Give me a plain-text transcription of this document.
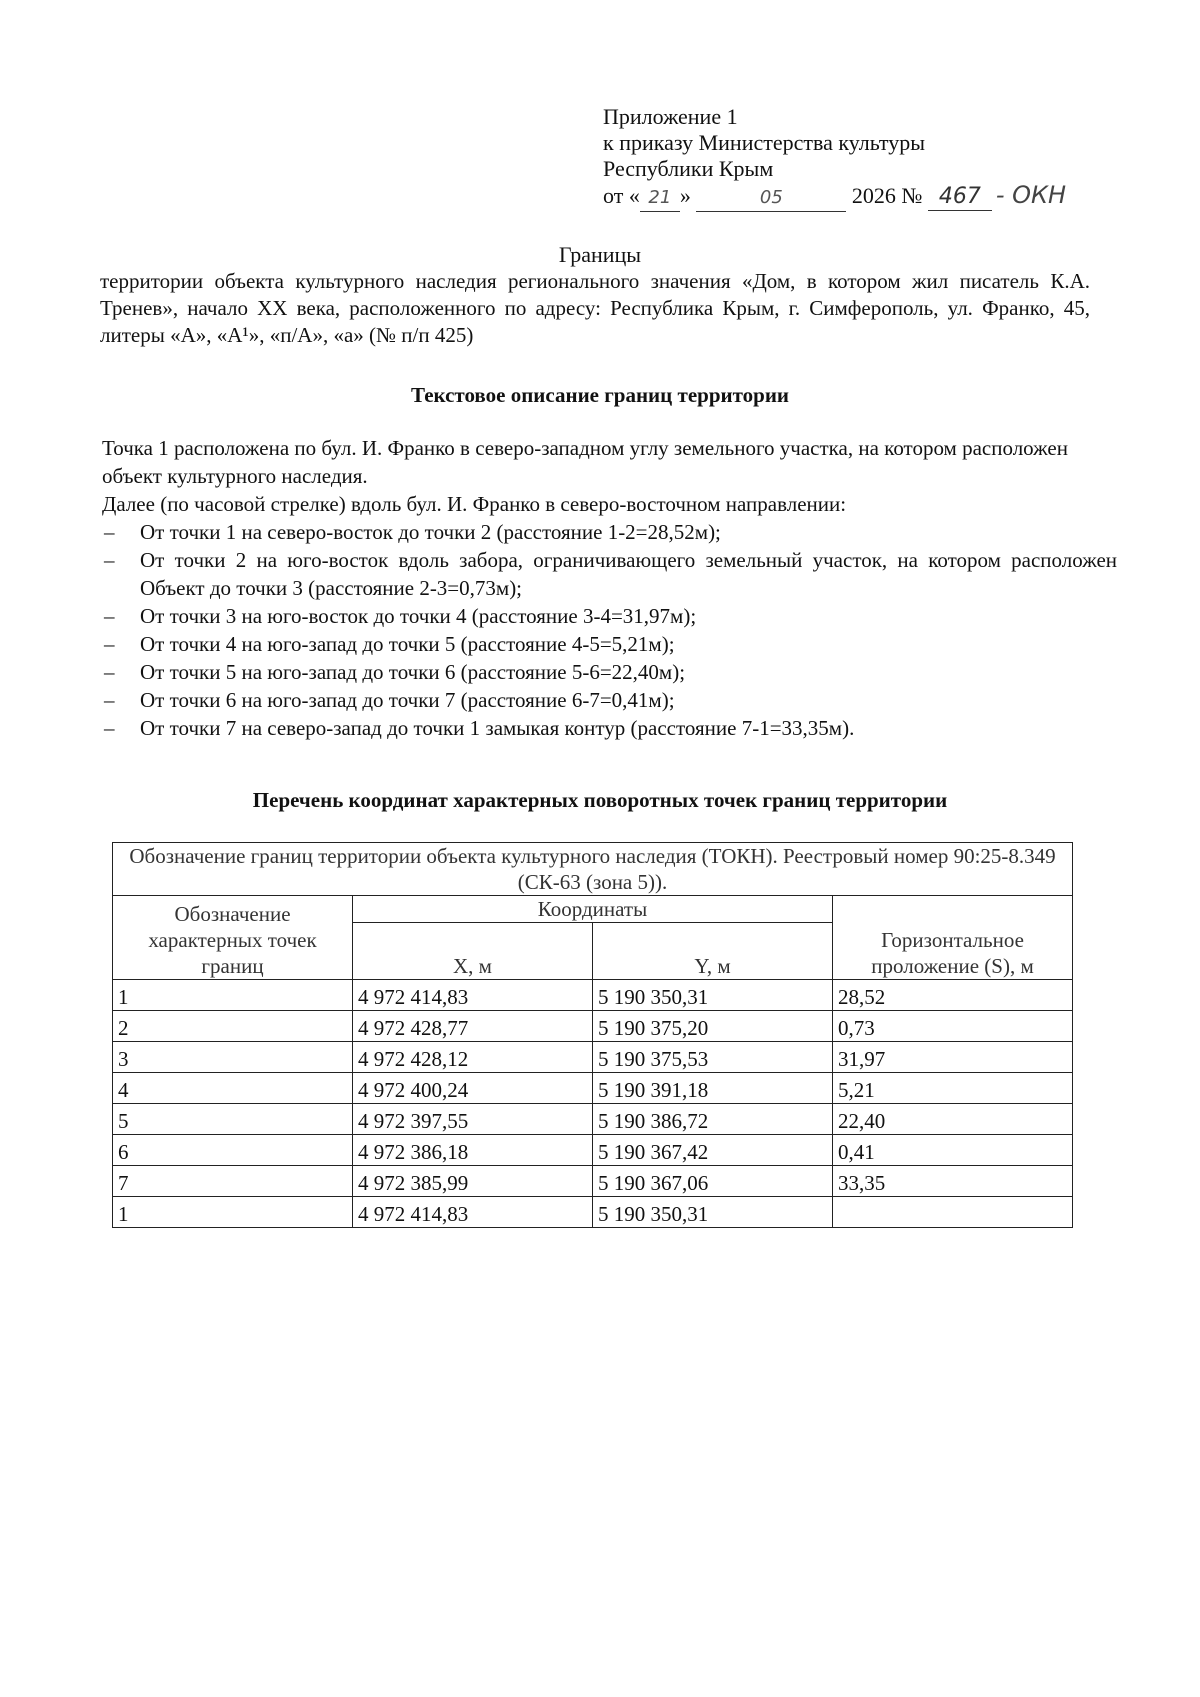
Приложение 1
к приказу Министерства культуры
Республики Крым
от « 21 »	05	2026 № 467 - ОКН
Границы
территории объекта культурного наследия регионального значения «Дом, в котором жил писатель К.А. Тренев», начало XX века, расположенного по адресу: Республика Крым, г. Симферополь, ул. Франко, 45, литеры «А», «А¹», «п/А», «а» (№ п/п 425)
Текстовое описание границ территории

Точка 1 расположена по бул. И. Франко в северо-западном углу земельного участка, на котором расположен объект культурного наследия.

Далее (по часовой стрелке) вдоль бул. И. Франко в северо-восточном направлении:

– От точки 1 на северо-восток до точки 2 (расстояние 1-2=28,52м);
– От точки 2 на юго-восток вдоль забора, ограничивающего земельный участок, на котором расположен Объект до точки 3 (расстояние 2-3=0,73м);
– От точки 3 на юго-восток до точки 4 (расстояние 3-4=31,97м);
– От точки 4 на юго-запад до точки 5 (расстояние 4-5=5,21м);
– От точки 5 на юго-запад до точки 6 (расстояние 5-6=22,40м);
– От точки 6 на юго-запад до точки 7 (расстояние 6-7=0,41м);
– От точки 7 на северо-запад до точки 1 замыкая контур (расстояние 7-1=33,35м).
Перечень координат характерных поворотных точек границ территории
Обозначение границ территории объекта культурного наследия (ТОКН). Реестровый номер 90:25-8.349 (СК-63 (зона 5)).			
Обозначение характерных точек границ	Координаты		Горизонтальное проложение (S), м
	X, м	Y, м	
1	4 972 414,83	5 190 350,31	28,52
2	4 972 428,77	5 190 375,20	0,73
3	4 972 428,12	5 190 375,53	31,97
4	4 972 400,24	5 190 391,18	5,21
5	4 972 397,55	5 190 386,72	22,40
6	4 972 386,18	5 190 367,42	0,41
7	4 972 385,99	5 190 367,06	33,35
1	4 972 414,83	5 190 350,31	
